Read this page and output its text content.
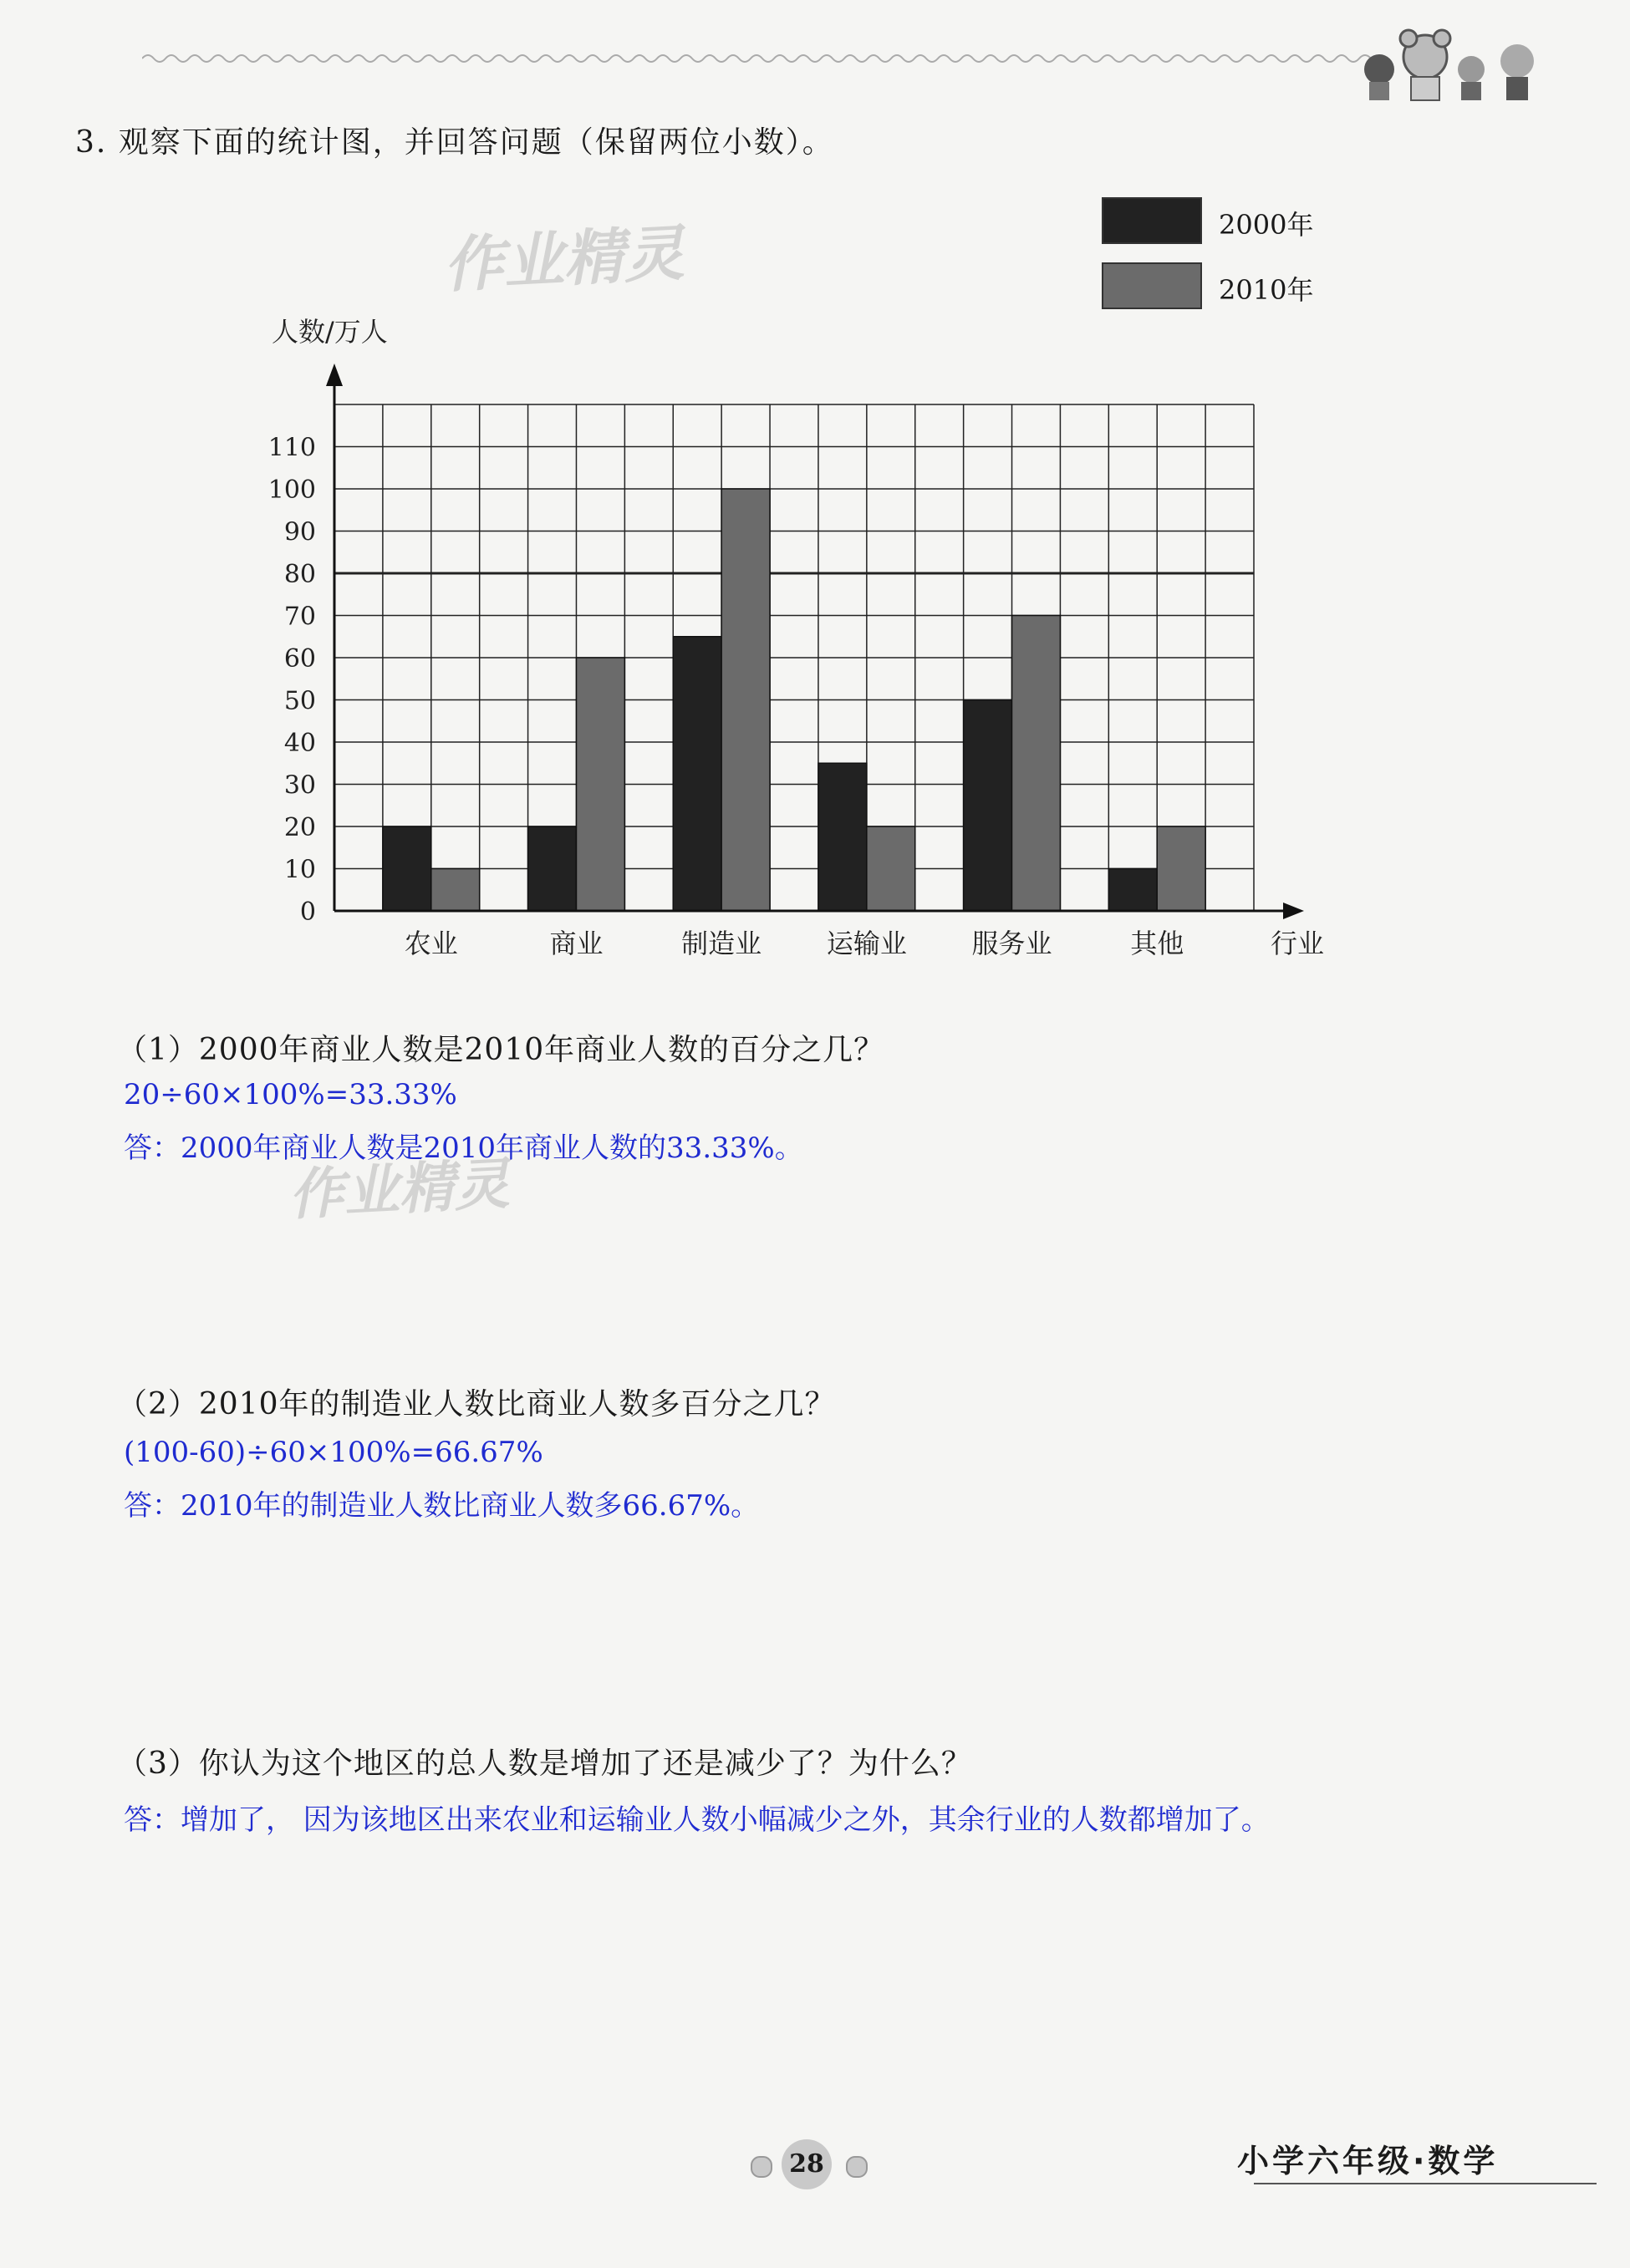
3. 观察下面的统计图，并回答问题（保留两位小数）。
2000年
2010年
作业精灵
农业	商业	制造业 运输业 服务业	其他
0
10
20
30
40
50
60
70
80
90
100
110
人数/万人
行业
作业精灵
（1）2000年商业人数是2010年商业人数的百分之几？
20÷60×100%=33.33%
答：2000年商业人数是2010年商业人数的33.33%。
（2）2010年的制造业人数比商业人数多百分之几？
(100-60)÷60×100%=66.67%
答：2010年的制造业人数比商业人数多66.67%。
（3）你认为这个地区的总人数是增加了还是减少了？为什么？
答：增加了， 因为该地区出来农业和运输业人数小幅减少之外，其余行业的人数都增加了。
28	小学六年级·数学
